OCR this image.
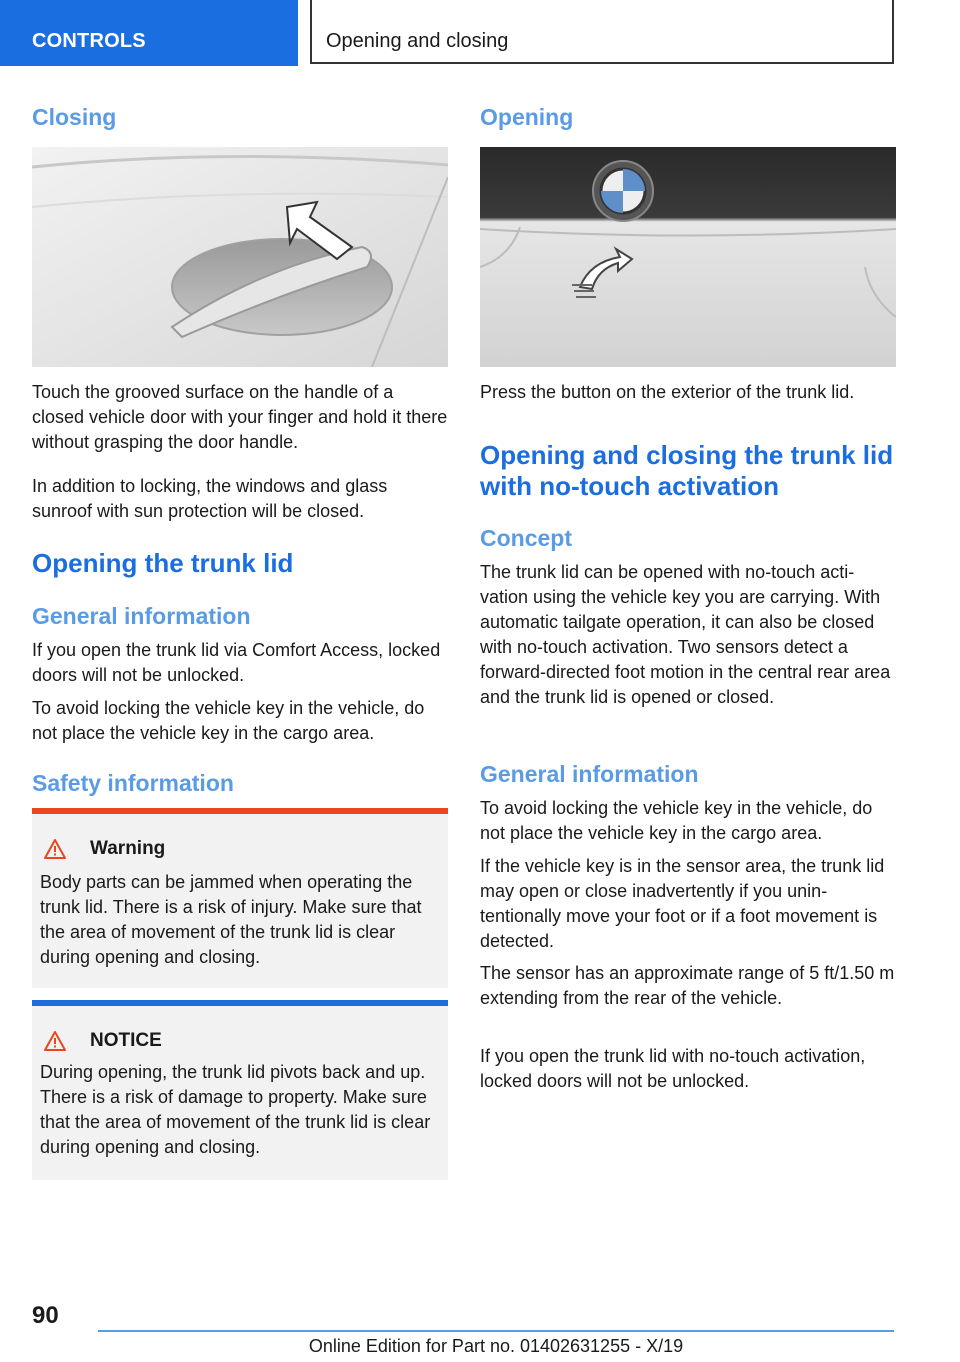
CONTROLS	Opening and closing
Closing

Touch the grooved surface on the handle of a closed vehicle door with your finger and hold it there without grasping the door handle.

In addition to locking, the windows and glass sunroof with sun protection will be closed.

Opening the trunk lid
General information

If you open the trunk lid via Comfort Access, locked doors will not be unlocked.

To avoid locking the vehicle key in the vehicle, do not place the vehicle key in the cargo area.

Safety information
Warning

Body parts can be jammed when operating the trunk lid. There is a risk of injury. Make sure that the area of movement of the trunk lid is clear during opening and closing.

NOTICE

During opening, the trunk lid pivots back and up. There is a risk of damage to property. Make sure that the area of movement of the trunk lid is clear during opening and closing.

Opening

Press the button on the exterior of the trunk lid.

Opening and closing the trunk lid with no-touch activation
Concept

The trunk lid can be opened with no-touch activation using the vehicle key you are carrying. With automatic tailgate operation, it can also be closed with no-touch activation. Two sensors detect a forward-directed foot motion in the central rear area and the trunk lid is opened or closed.

General information

To avoid locking the vehicle key in the vehicle, do not place the vehicle key in the cargo area.

If the vehicle key is in the sensor area, the trunk lid may open or close inadvertently if you unintentionally move your foot or if a foot movement is detected.

The sensor has an approximate range of 5 ft/1.50 m extending from the rear of the vehicle.

If you open the trunk lid with no-touch activation, locked doors will not be unlocked.

90
Online Edition for Part no. 01402631255 - X/19
